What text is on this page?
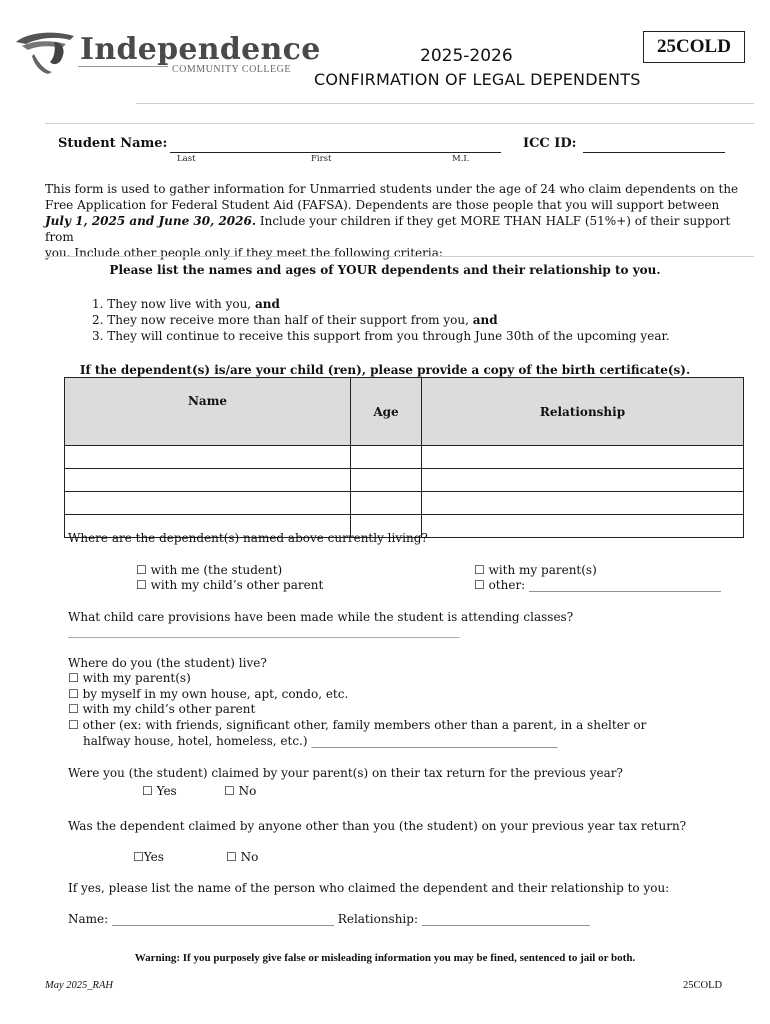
Independence
COMMUNITY COLLEGE
25COLD
2025-2026
CONFIRMATION OF LEGAL DEPENDENTS
Student Name:
Last	First	M.I.
ICC ID:
This form is used to gather information for Unmarried students under the age of 24 who claim dependents on the
Free Application for Federal Student Aid (FAFSA). Dependents are those people that you will support between
July 1, 2025 and June 30, 2026. Include your children if they get MORE THAN HALF (51%+) of their support from
you. Include other people only if they meet the following criteria:
Please list the names and ages of YOUR dependents and their relationship to you.
1. They now live with you, and
2. They now receive more than half of their support from you, and
3. They will continue to receive this support from you through June 30th of the upcoming year.
If the dependent(s) is/are your child (ren), please provide a copy of the birth certificate(s).
Name	Age	Relationship

Where are the dependent(s) named above currently living?
☐ with me (the student)
☐ with my child’s other parent
☐ with my parent(s)
☐ other: ________________________________
What child care provisions have been made while the student is attending classes?
_______________________________________________________________________________________
Where do you (the student) live?
☐ with my parent(s)
☐ by myself in my own house, apt, condo, etc.
☐ with my child’s other parent
☐ other (ex: with friends, significant other, family members other than a parent, in a shelter or
halfway house, hotel, homeless, etc.) _________________________________________
Were you (the student) claimed by your parent(s) on their tax return for the previous year?
☐ Yes	☐ No
Was the dependent claimed by anyone other than you (the student) on your previous year tax return?
☐Yes	☐ No
If yes, please list the name of the person who claimed the dependent and their relationship to you:
Name: _____________________________________ Relationship: ____________________________
Warning: If you purposely give false or misleading information you may be fined, sentenced to jail or both.
May 2025_RAH	25COLD
